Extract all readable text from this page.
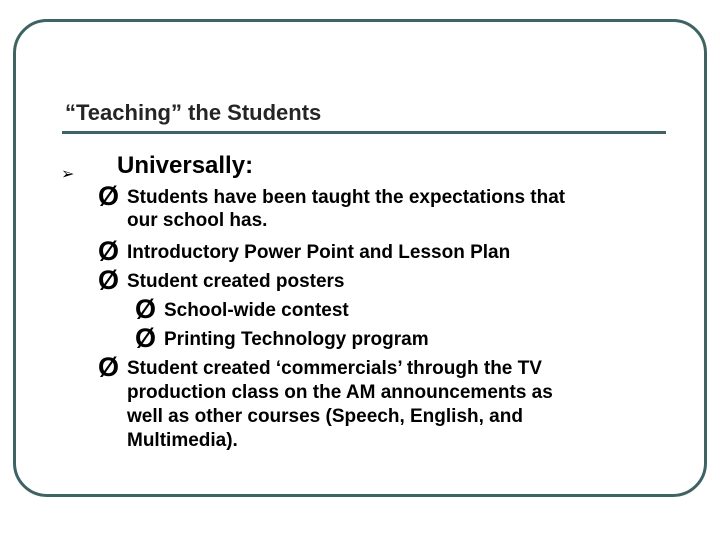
“Teaching” the Students
➢ Universally:
Ø Students have been taught the expectations that
our school has.
Ø Introductory Power Point and Lesson Plan
Ø Student created posters
Ø School-wide contest
Ø Printing Technology program
Ø Student created ‘commercials’ through the TV
production class on the AM announcements as
well as other courses (Speech, English, and
Multimedia).
